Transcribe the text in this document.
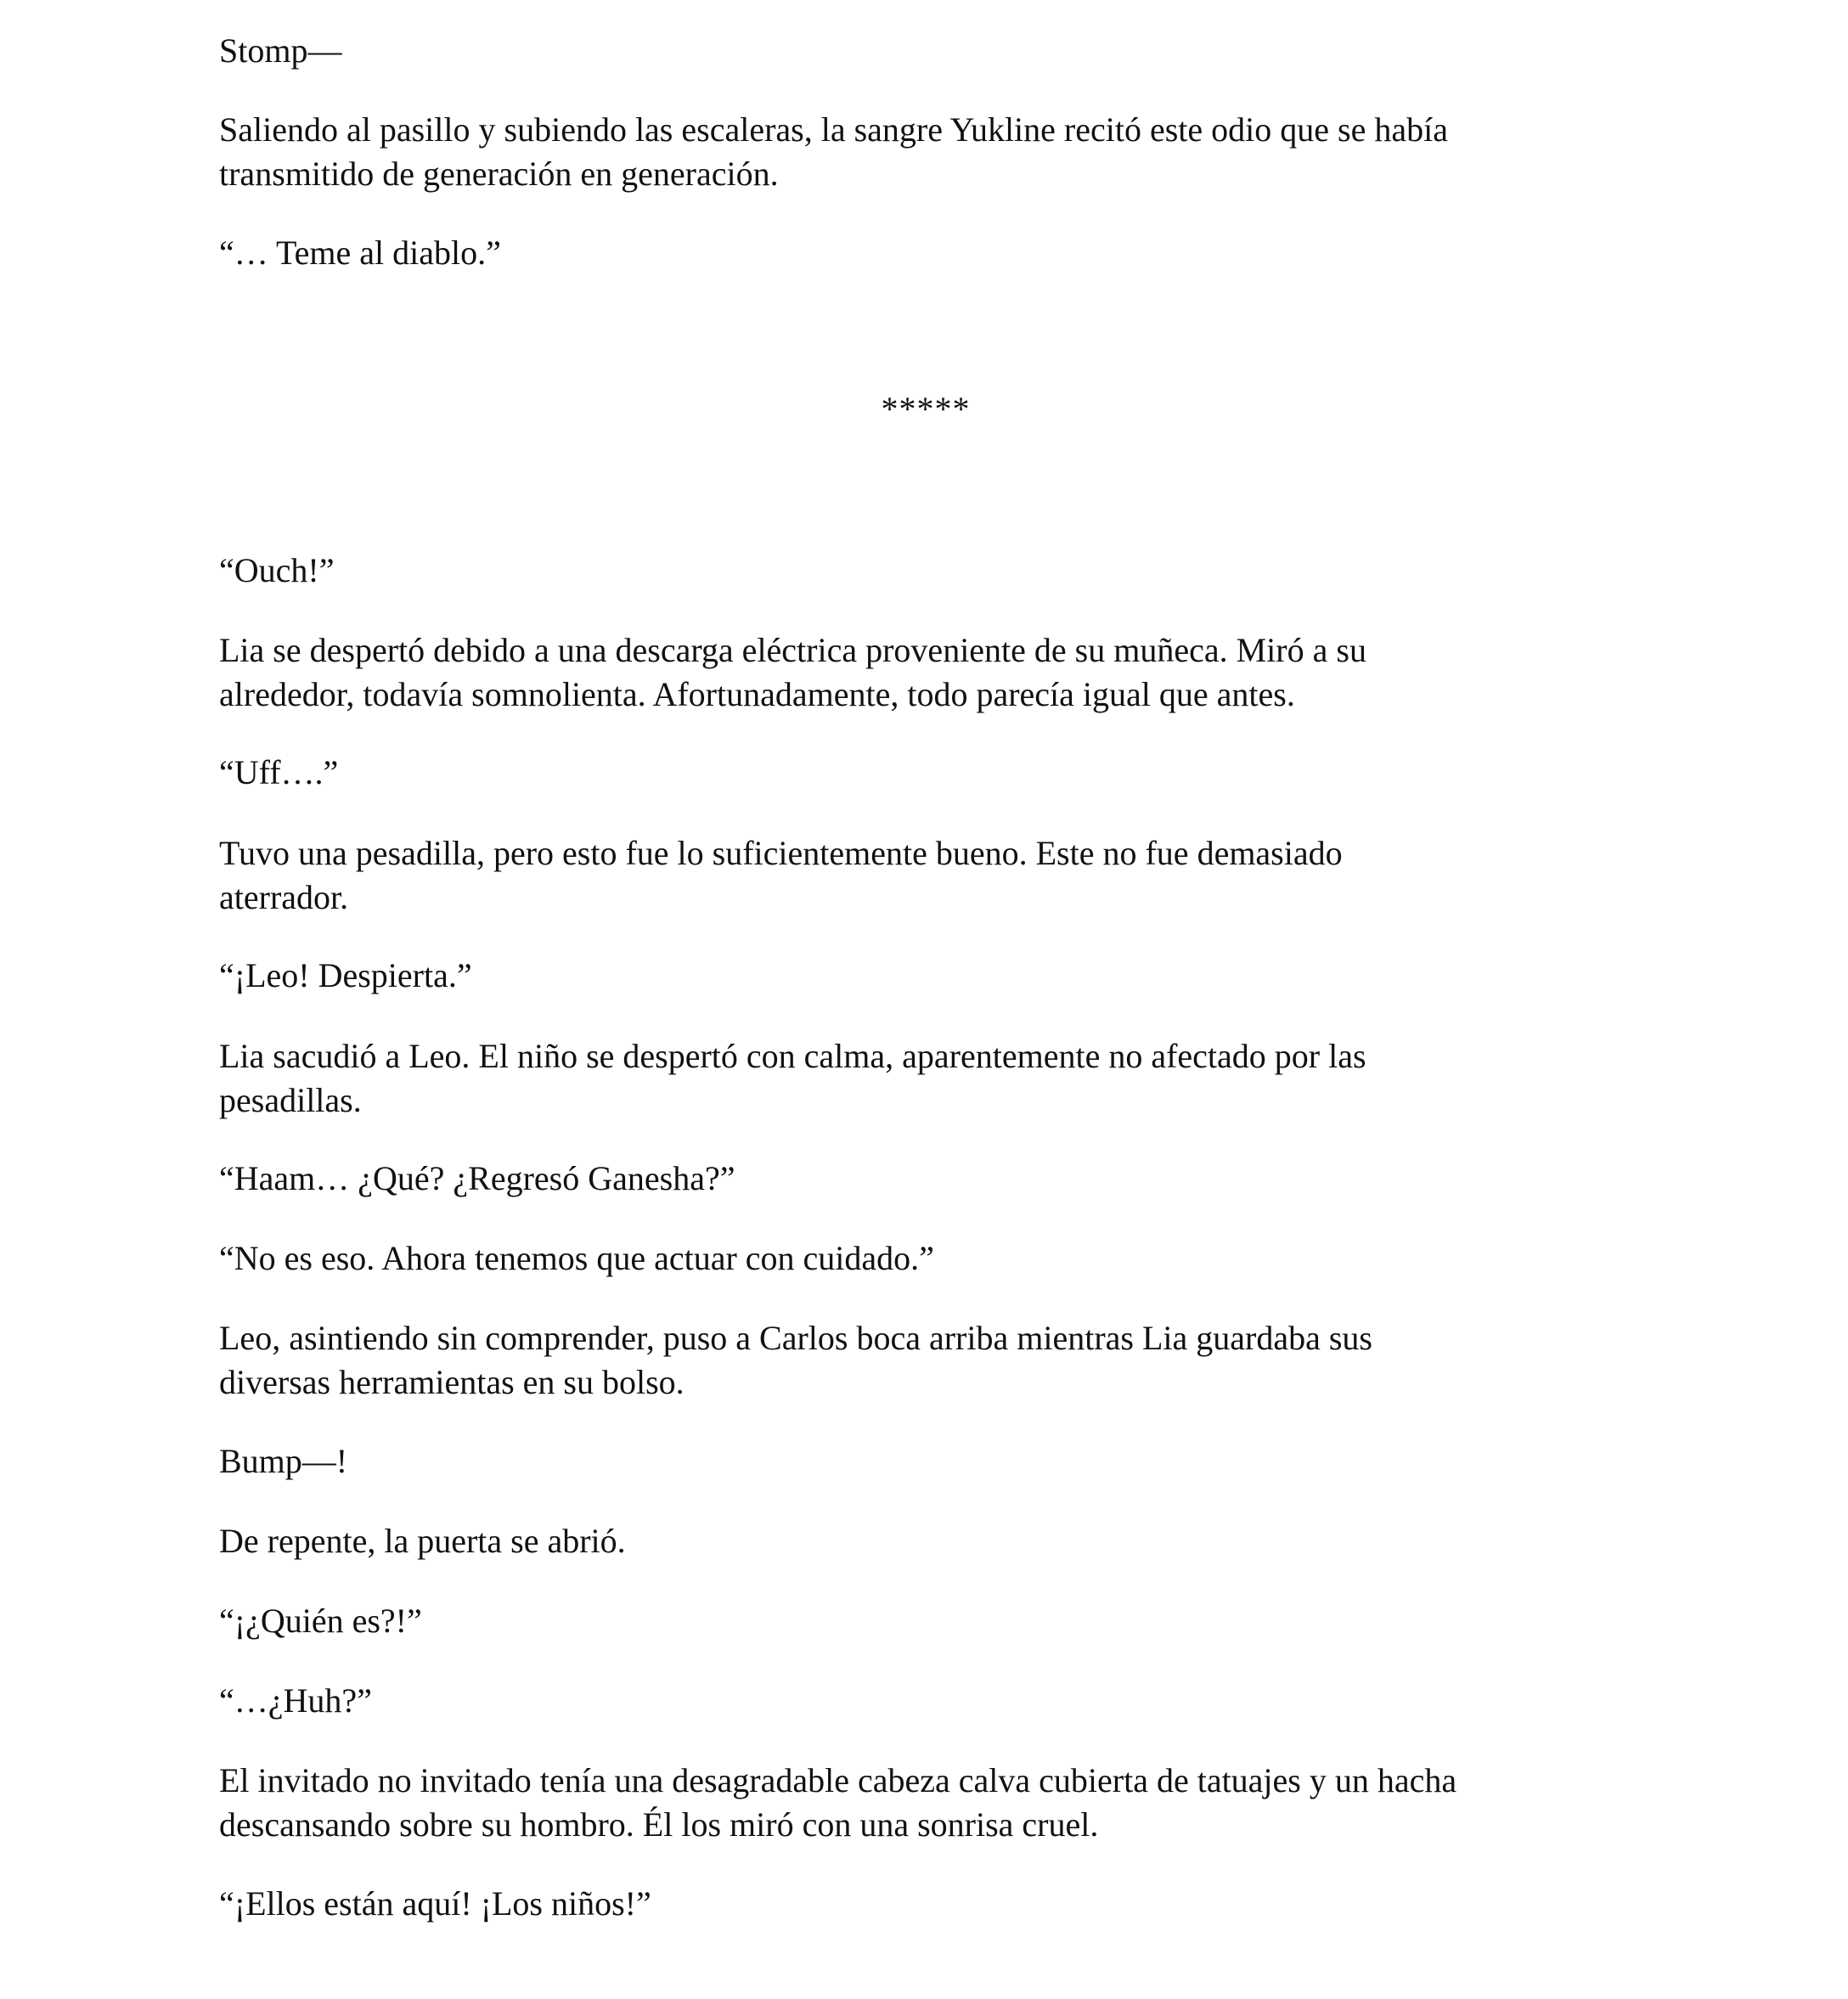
Stomp—

Saliendo al pasillo y subiendo las escaleras, la sangre Yukline recitó este odio que se había
transmitido de generación en generación.

“… Teme al diablo.”

*****

“Ouch!”

Lia se despertó debido a una descarga eléctrica proveniente de su muñeca. Miró a su
alrededor, todavía somnolienta. Afortunadamente, todo parecía igual que antes.

“Uff….”

Tuvo una pesadilla, pero esto fue lo suficientemente bueno. Este no fue demasiado
aterrador.

“¡Leo! Despierta.”

Lia sacudió a Leo. El niño se despertó con calma, aparentemente no afectado por las
pesadillas.

“Haam… ¿Qué? ¿Regresó Ganesha?”

“No es eso. Ahora tenemos que actuar con cuidado.”

Leo, asintiendo sin comprender, puso a Carlos boca arriba mientras Lia guardaba sus
diversas herramientas en su bolso.

Bump—!

De repente, la puerta se abrió.

“¡¿Quién es?!”

“…¿Huh?”

El invitado no invitado tenía una desagradable cabeza calva cubierta de tatuajes y un hacha
descansando sobre su hombro. Él los miró con una sonrisa cruel.

“¡Ellos están aquí! ¡Los niños!”
